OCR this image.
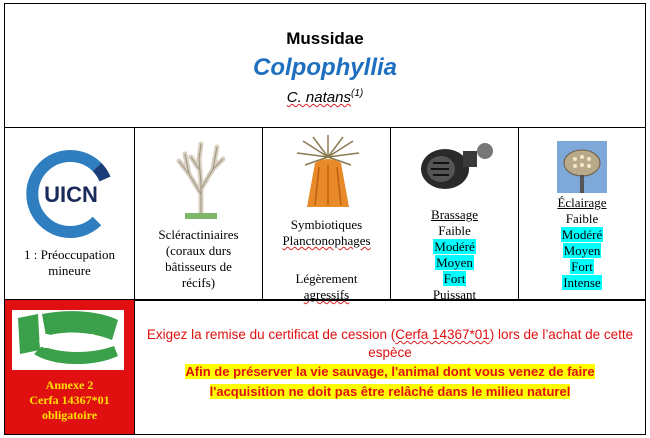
Mussidae
Colpophyllia
C. natans$^{(1)}$
UICN
1 : Préoccupation mineure
Scléractiniaires
(coraux durs
bâtisseurs de
récifs)
Symbiotiques
Planctonophages
Légèrement
agressifs
Brassage
Faible
Modéré
Moyen
Fort
Puissant
Éclairage
Faible
Modéré
Moyen
Fort
Intense
CITES
Annexe 2
Cerfa 14367*01
obligatoire
Exigez la remise du certificat de cession (Cerfa 14367*01) lors de l’achat de cette espèce
Afin de préserver la vie sauvage, l'animal dont vous venez de faire
l'acquisition ne doit pas être relâché dans le milieu naturel
